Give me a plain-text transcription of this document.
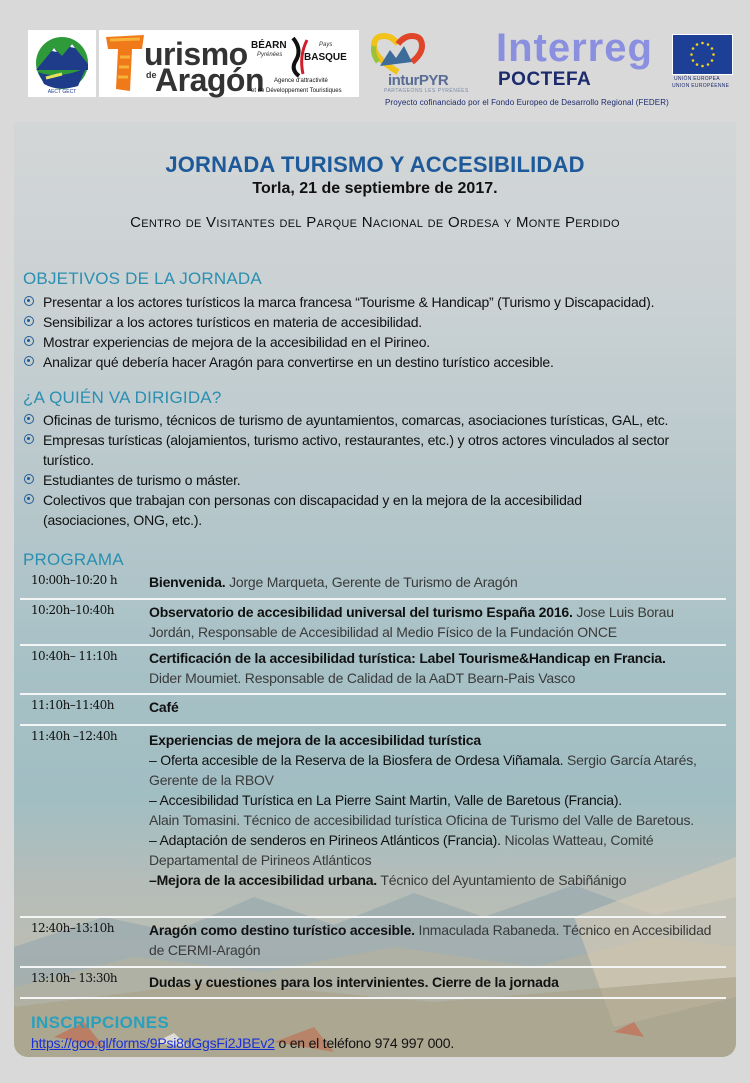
AECT GECT
urismo
de
Aragón
BÉARN
Pyrénées
Pays
BASQUE
Agence d'attractivité
et de Développement Touristiques
inturPYR
PARTAGEONS LES PYRÉNÉES
Interreg
POCTEFA	UNIÓN EUROPEA
UNION EUROPÉENNE
Proyecto cofinanciado por el Fondo Europeo de Desarrollo Regional (FEDER)
JORNADA TURISMO Y ACCESIBILIDAD
Torla, 21 de septiembre de 2017.
Centro de Visitantes del Parque Nacional de Ordesa y Monte Perdido
OBJETIVOS DE LA JORNADA
Presentar a los actores turísticos la marca francesa “Tourisme & Handicap” (Turismo y Discapacidad).
Sensibilizar a los actores turísticos en materia de accesibilidad.
Mostrar experiencias de mejora de la accesibilidad en el Pirineo.
Analizar qué debería hacer Aragón para convertirse en un destino turístico accesible.
¿A QUIÉN VA DIRIGIDA?
Oficinas de turismo, técnicos de turismo de ayuntamientos, comarcas, asociaciones turísticas, GAL, etc.
Empresas turísticas (alojamientos, turismo activo, restaurantes, etc.) y otros actores vinculados al sector turístico.
Estudiantes de turismo o máster.
Colectivos que trabajan con personas con discapacidad y en la mejora de la accesibilidad (asociaciones, ONG, etc.).
PROGRAMA
10:00h–10:20 h Bienvenida. Jorge Marqueta, Gerente de Turismo de Aragón
10:20h–10:40h	Observatorio de accesibilidad universal del turismo España 2016. Jose Luis Borau Jordán, Responsable de Accesibilidad al Medio Físico de la Fundación ONCE
10:40h– 11:10h Certificación de la accesibilidad turística: Label Tourisme&Handicap en Francia.
Dider Moumiet. Responsable de Calidad de la AaDT Bearn-Pais Vasco
11:10h–11:40h	Café
11:40h –12:40h Experiencias de mejora de la accesibilidad turística
– Oferta accesible de la Reserva de la Biosfera de Ordesa Viñamala. Sergio García Atarés, Gerente de la RBOV
– Accesibilidad Turística en La Pierre Saint Martin, Valle de Baretous (Francia).
Alain Tomasini. Técnico de accesibilidad turística Oficina de Turismo del Valle de Baretous.
– Adaptación de senderos en Pirineos Atlánticos (Francia). Nicolas Watteau, Comité Departamental de Pirineos Atlánticos
–Mejora de la accesibilidad urbana. Técnico del Ayuntamiento de Sabiñánigo
12:40h–13:10h	Aragón como destino turístico accesible. Inmaculada Rabaneda. Técnico en Accesibilidad de CERMI-Aragón
13:10h– 13:30h Dudas y cuestiones para los intervinientes. Cierre de la jornada
INSCRIPCIONES
https://goo.gl/forms/9Psi8dGgsFi2JBEv2 o en el teléfono 974 997 000.
